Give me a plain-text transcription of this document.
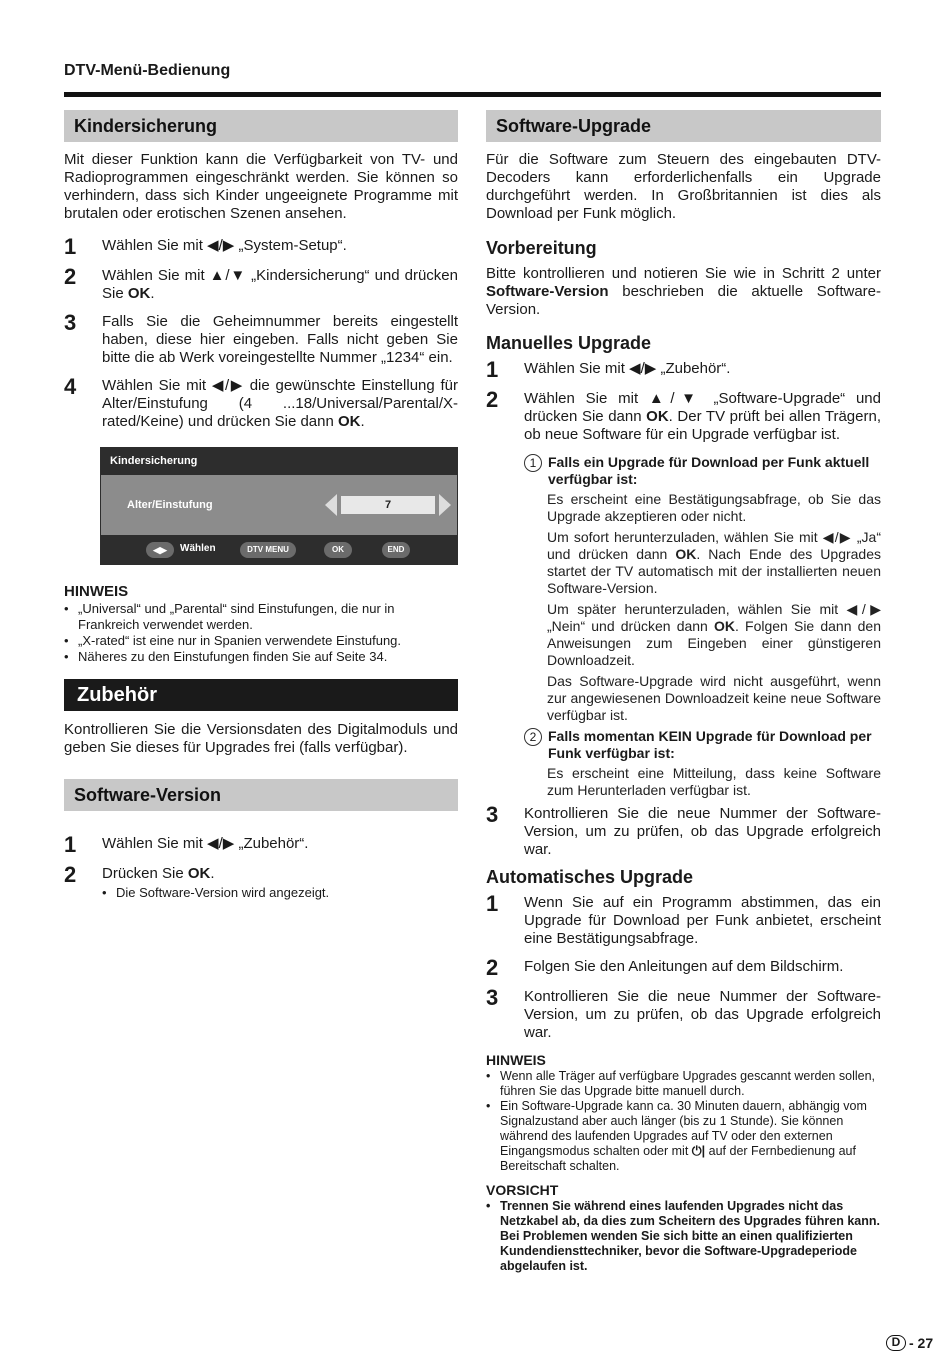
DTV-Menü-Bedienung
Kindersicherung

Mit dieser Funktion kann die Verfügbarkeit von TV- und Radioprogrammen eingeschränkt werden. Sie können so verhindern, dass sich Kinder ungeeignete Programme mit brutalen oder erotischen Szenen ansehen.

1	Wählen Sie mit ◀/▶ „System-Setup“.
2	Wählen Sie mit ▲/▼ „Kindersicherung“ und drücken Sie OK.
3	Falls Sie die Geheimnummer bereits eingestellt haben, diese hier eingeben. Falls nicht geben Sie bitte die ab Werk voreingestellte Nummer „1234“ ein.
4	Wählen Sie mit ◀/▶ die gewünschte Einstellung für Alter/Einstufung (4 ...18/Universal/Parental/X-rated/Keine) und drücken Sie dann OK.
Kindersicherung
Alter/Einstufung	7
◀▶	Wählen	DTV MENU	OK	END
HINWEIS
• „Universal“ und „Parental“ sind Einstufungen, die nur in Frankreich verwendet werden.
• „X-rated“ ist eine nur in Spanien verwendete Einstufung.
• Näheres zu den Einstufungen finden Sie auf Seite 34.
Zubehör

Kontrollieren Sie die Versionsdaten des Digitalmoduls und geben Sie dieses für Upgrades frei (falls verfügbar).

Software-Version
1	Wählen Sie mit ◀/▶ „Zubehör“.
2	Drücken Sie OK.
• Die Software-Version wird angezeigt.
Software-Upgrade

Für die Software zum Steuern des eingebauten DTV-Decoders kann erforderlichenfalls ein Upgrade durchgeführt werden. In Großbritannien ist dies als Download per Funk möglich.

Vorbereitung

Bitte kontrollieren und notieren Sie wie in Schritt 2 unter Software-Version beschrieben die aktuelle Software-Version.

Manuelles Upgrade
1	Wählen Sie mit ◀/▶ „Zubehör“.
2	Wählen Sie mit ▲/▼ „Software-Upgrade“ und drücken Sie dann OK. Der TV prüft bei allen Trägern, ob neue Software für ein Upgrade verfügbar ist.
1 Falls ein Upgrade für Download per Funk aktuell verfügbar ist:

Es erscheint eine Bestätigungsabfrage, ob Sie das Upgrade akzeptieren oder nicht.

Um sofort herunterzuladen, wählen Sie mit ◀/▶ „Ja“ und drücken dann OK. Nach Ende des Upgrades startet der TV automatisch mit der installierten neuen Software-Version.

Um später herunterzuladen, wählen Sie mit ◀/▶ „Nein“ und drücken dann OK. Folgen Sie dann den Anweisungen zum Eingeben einer günstigeren Downloadzeit.

Das Software-Upgrade wird nicht ausgeführt, wenn zur angewiesenen Downloadzeit keine neue Software verfügbar ist.

2 Falls momentan KEIN Upgrade für Download per Funk verfügbar ist:

Es erscheint eine Mitteilung, dass keine Software zum Herunterladen verfügbar ist.

3	Kontrollieren Sie die neue Nummer der Software-Version, um zu prüfen, ob das Upgrade erfolgreich war.
Automatisches Upgrade
1	Wenn Sie auf ein Programm abstimmen, das ein Upgrade für Download per Funk anbietet, erscheint eine Bestätigungsabfrage.
2	Folgen Sie den Anleitungen auf dem Bildschirm.
3	Kontrollieren Sie die neue Nummer der Software-Version, um zu prüfen, ob das Upgrade erfolgreich war.
HINWEIS
• Wenn alle Träger auf verfügbare Upgrades gescannt werden sollen, führen Sie das Upgrade bitte manuell durch.
• Ein Software-Upgrade kann ca. 30 Minuten dauern, abhängig vom Signalzustand aber auch länger (bis zu 1 Stunde). Sie können während des laufenden Upgrades auf TV oder den externen Eingangsmodus schalten oder mit ⏻| auf der Fernbedienung auf Bereitschaft schalten.
VORSICHT
• Trennen Sie während eines laufenden Upgrades nicht das Netzkabel ab, da dies zum Scheitern des Upgrades führen kann. Bei Problemen wenden Sie sich bitte an einen qualifizierten Kundendiensttechniker, bevor die Software-Upgradeperiode abgelaufen ist.
D - 27
